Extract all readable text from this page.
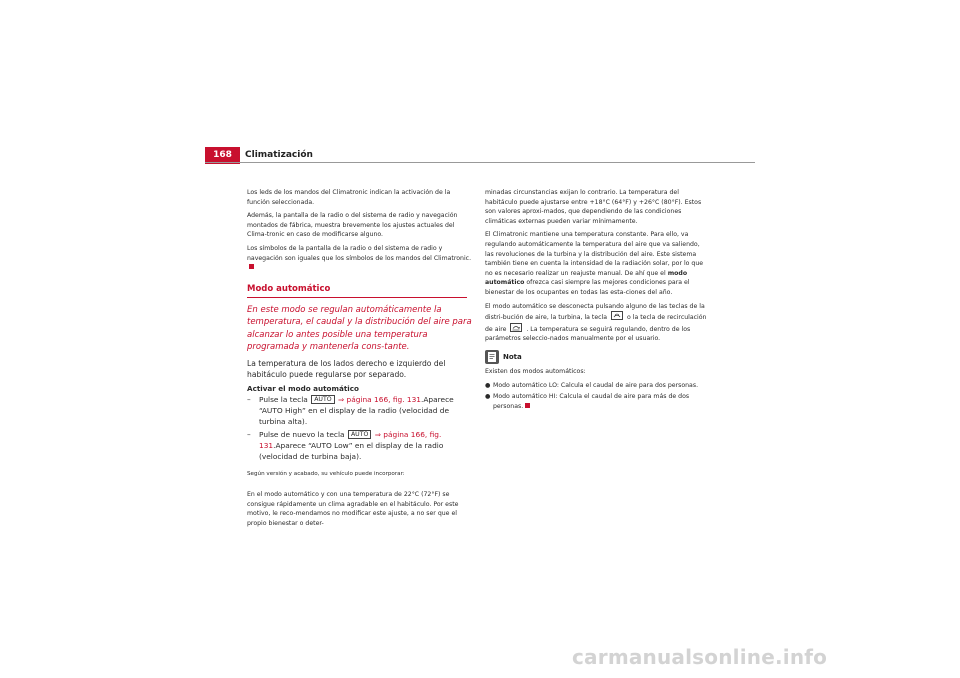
168	Climatización

Los leds de los mandos del Climatronic indican la activación de la función seleccionada.

Además, la pantalla de la radio o del sistema de radio y navegación montados de fábrica, muestra brevemente los ajustes actuales del Clima-tronic en caso de modificarse alguno.

Los símbolos de la pantalla de la radio o del sistema de radio y navegación son iguales que los símbolos de los mandos del Climatronic.

Modo automático

En este modo se regulan automáticamente la temperatura, el caudal y la distribución del aire para alcanzar lo antes posible una temperatura programada y mantenerla cons-tante.

La temperatura de los lados derecho e izquierdo del habitáculo puede regularse por separado.

Activar el modo automático
– Pulse la tecla AUTO ⇒ página 166, fig. 131.Aparece “AUTO High” en el display de la radio (velocidad de turbina alta).
– Pulse de nuevo la tecla AUTO ⇒ página 166, fig. 131.Aparece “AUTO Low” en el display de la radio (velocidad de turbina baja).

Según versión y acabado, su vehículo puede incorporar:

En el modo automático y con una temperatura de 22°C (72°F) se consigue rápidamente un clima agradable en el habitáculo. Por este motivo, le reco-mendamos no modificar este ajuste, a no ser que el propio bienestar o deter-

minadas circunstancias exijan lo contrario. La temperatura del habitáculo puede ajustarse entre +18°C (64°F) y +26°C (80°F). Estos son valores aproxi-mados, que dependiendo de las condiciones climáticas externas pueden variar mínimamente.

El Climatronic mantiene una temperatura constante. Para ello, va regulando automáticamente la temperatura del aire que va saliendo, las revoluciones de la turbina y la distribución del aire. Este sistema también tiene en cuenta la intensidad de la radiación solar, por lo que no es necesario realizar un reajuste manual. De ahí que el modo automático ofrezca casi siempre las mejores condiciones para el bienestar de los ocupantes en todas las esta-ciones del año.

El modo automático se desconecta pulsando alguno de las teclas de la distri-bución de aire, la turbina, la tecla	o la tecla de recirculación de aire	. La temperatura se seguirá regulando, dentro de los parámetros seleccio-nados manualmente por el usuario.

Nota

Existen dos modos automáticos:

● Modo automático LO: Calcula el caudal de aire para dos personas.
● Modo automático HI: Calcula el caudal de aire para más de dos personas.
carmanualsonline.info
